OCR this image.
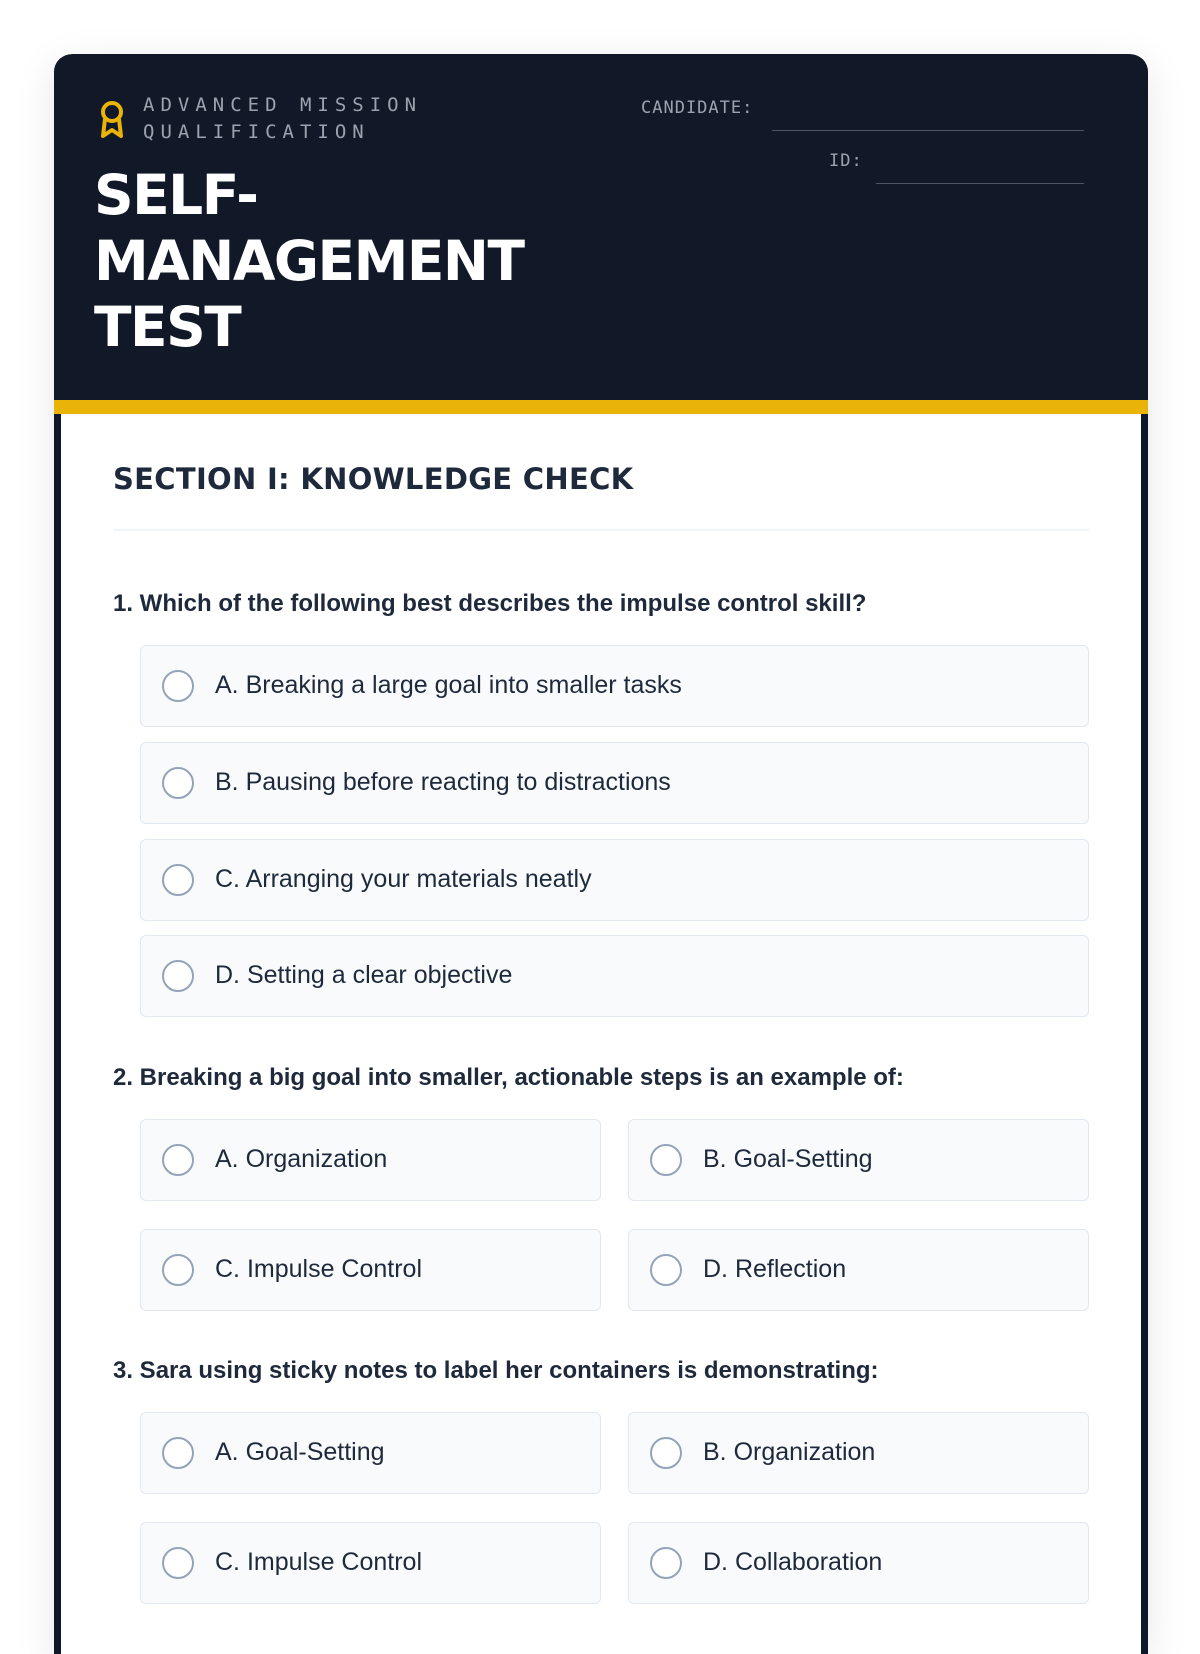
ADVANCED MISSION QUALIFICATION
SELF-MANAGEMENT TEST
CANDIDATE:
ID:
SECTION I: KNOWLEDGE CHECK

1. Which of the following best describes the impulse control skill?

A. Breaking a large goal into smaller tasks
B. Pausing before reacting to distractions
C. Arranging your materials neatly
D. Setting a clear objective

2. Breaking a big goal into smaller, actionable steps is an example of:

A. Organization	B. Goal-Setting
C. Impulse Control	D. Reflection

3. Sara using sticky notes to label her containers is demonstrating:

A. Goal-Setting	B. Organization
C. Impulse Control	D. Collaboration
